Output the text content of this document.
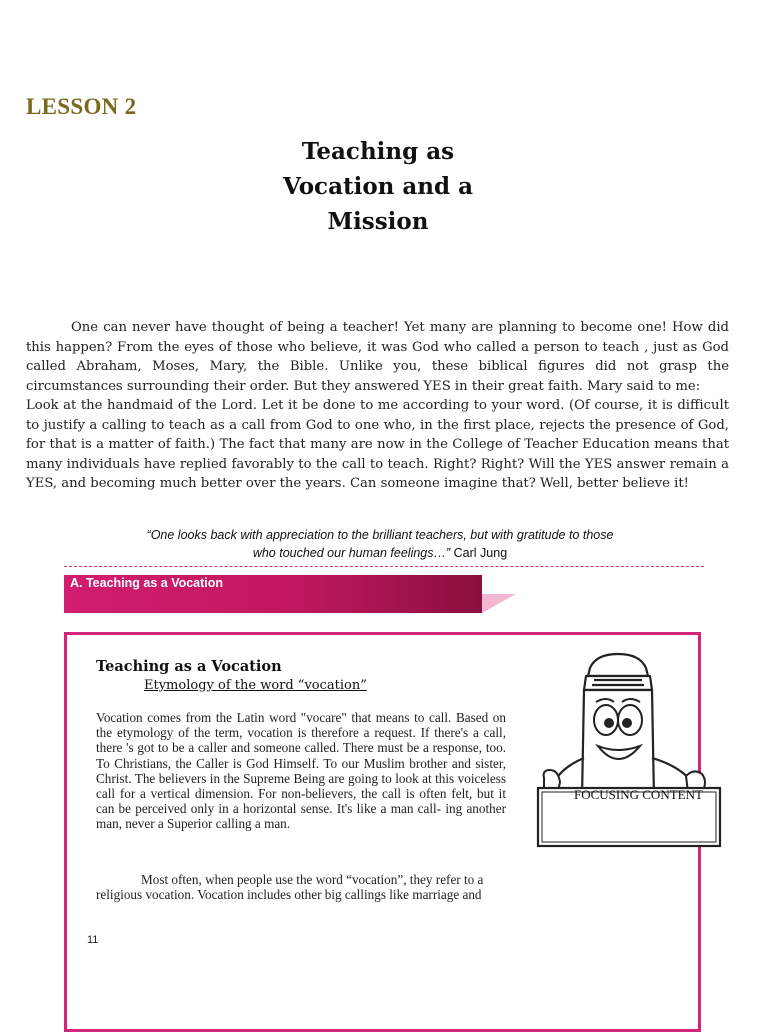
LESSON 2
Teaching as
Vocation and a
Mission

One can never have thought of being a teacher! Yet many are planning to become one! How did this happen? From the eyes of those who believe, it was God who called a person to teach , just as God called Abraham, Moses, Mary, the Bible. Unlike you, these biblical figures did not grasp the circumstances surrounding their order. But they answered YES in their great faith. Mary said to me:

Look at the handmaid of the Lord. Let it be done to me according to your word. (Of course, it is difficult to justify a calling to teach as a call from God to one who, in the first place, rejects the presence of God, for that is a matter of faith.) The fact that many are now in the College of Teacher Education means that many individuals have replied favorably to the call to teach. Right? Right? Will the YES answer remain a YES, and becoming much better over the years. Can someone imagine that? Well, better believe it!

“One looks back with appreciation to the brilliant teachers, but with gratitude to those
who touched our human feelings…” Carl Jung
A. Teaching as a Vocation
Teaching as a Vocation
Etymology of the word “vocation”

Vocation comes from the Latin word "vocare" that means to call. Based on the etymology of the term, vocation is therefore a request. If there's a call, there 's got to be a caller and someone called. There must be a response, too. To Christians, the Caller is God Himself. To our Muslim brother and sister, Christ. The believers in the Supreme Being are going to look at this voiceless call for a vertical dimension. For non-believers, the call is often felt, but it can be perceived only in a horizontal sense. It's like a man call- ing another man, never a Superior calling a man.

Most often, when people use the word “vocation”, they refer to a religious vocation. Vocation includes other big callings like marriage and

11
FOCUSING CONTENT
